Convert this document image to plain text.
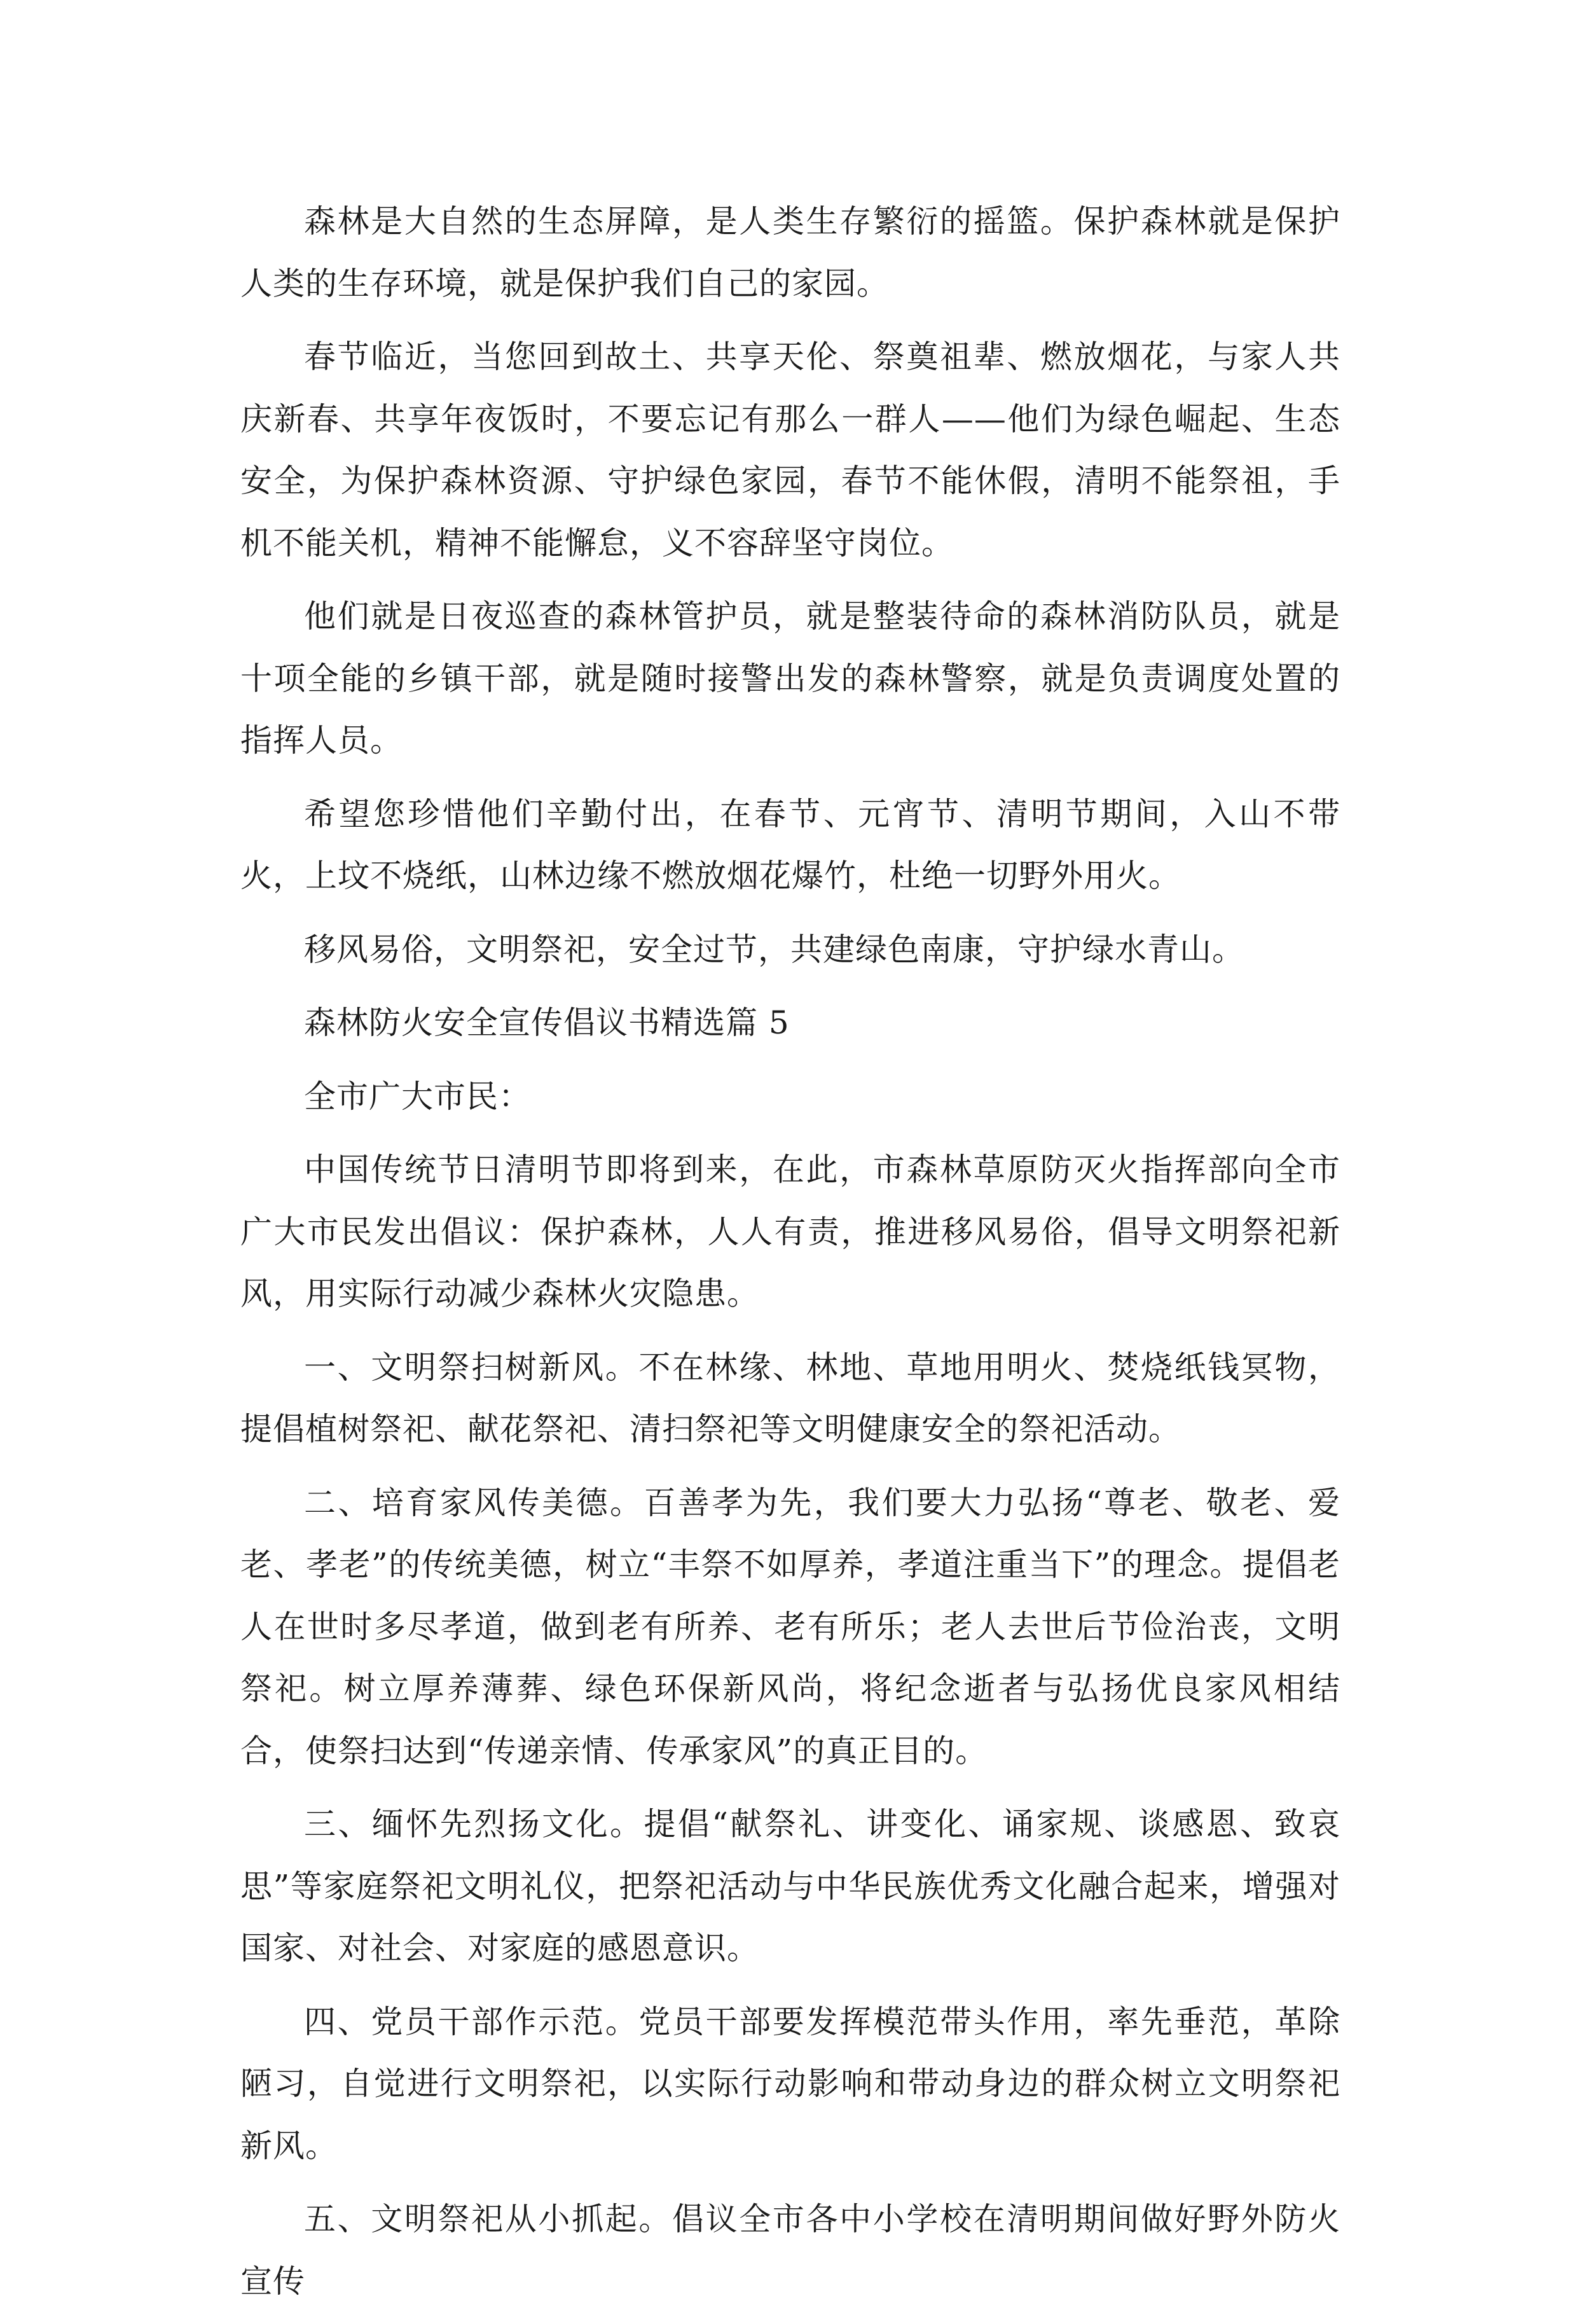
森林是大自然的生态屏障，是人类生存繁衍的摇篮。保护森林就是保护人类的生存环境，就是保护我们自己的家园。

春节临近，当您回到故土、共享天伦、祭奠祖辈、燃放烟花，与家人共庆新春、共享年夜饭时，不要忘记有那么一群人——他们为绿色崛起、生态安全，为保护森林资源、守护绿色家园，春节不能休假，清明不能祭祖，手机不能关机，精神不能懈怠，义不容辞坚守岗位。

他们就是日夜巡查的森林管护员，就是整装待命的森林消防队员，就是十项全能的乡镇干部，就是随时接警出发的森林警察，就是负责调度处置的指挥人员。

希望您珍惜他们辛勤付出，在春节、元宵节、清明节期间，入山不带火，上坟不烧纸，山林边缘不燃放烟花爆竹，杜绝一切野外用火。

移风易俗，文明祭祀，安全过节，共建绿色南康，守护绿水青山。

森林防火安全宣传倡议书精选篇 5

全市广大市民：

中国传统节日清明节即将到来，在此，市森林草原防灭火指挥部向全市广大市民发出倡议：保护森林，人人有责，推进移风易俗，倡导文明祭祀新风，用实际行动减少森林火灾隐患。

一、文明祭扫树新风。不在林缘、林地、草地用明火、焚烧纸钱冥物，提倡植树祭祀、献花祭祀、清扫祭祀等文明健康安全的祭祀活动。

二、培育家风传美德。百善孝为先，我们要大力弘扬“尊老、敬老、爱老、孝老”的传统美德，树立“丰祭不如厚养，孝道注重当下”的理念。提倡老人在世时多尽孝道，做到老有所养、老有所乐；老人去世后节俭治丧，文明祭祀。树立厚养薄葬、绿色环保新风尚，将纪念逝者与弘扬优良家风相结合，使祭扫达到“传递亲情、传承家风”的真正目的。

三、缅怀先烈扬文化。提倡“献祭礼、讲变化、诵家规、谈感恩、致哀思”等家庭祭祀文明礼仪，把祭祀活动与中华民族优秀文化融合起来，增强对国家、对社会、对家庭的感恩意识。

四、党员干部作示范。党员干部要发挥模范带头作用，率先垂范，革除陋习，自觉进行文明祭祀，以实际行动影响和带动身边的群众树立文明祭祀新风。

五、文明祭祀从小抓起。倡议全市各中小学校在清明期间做好野外防火宣传
